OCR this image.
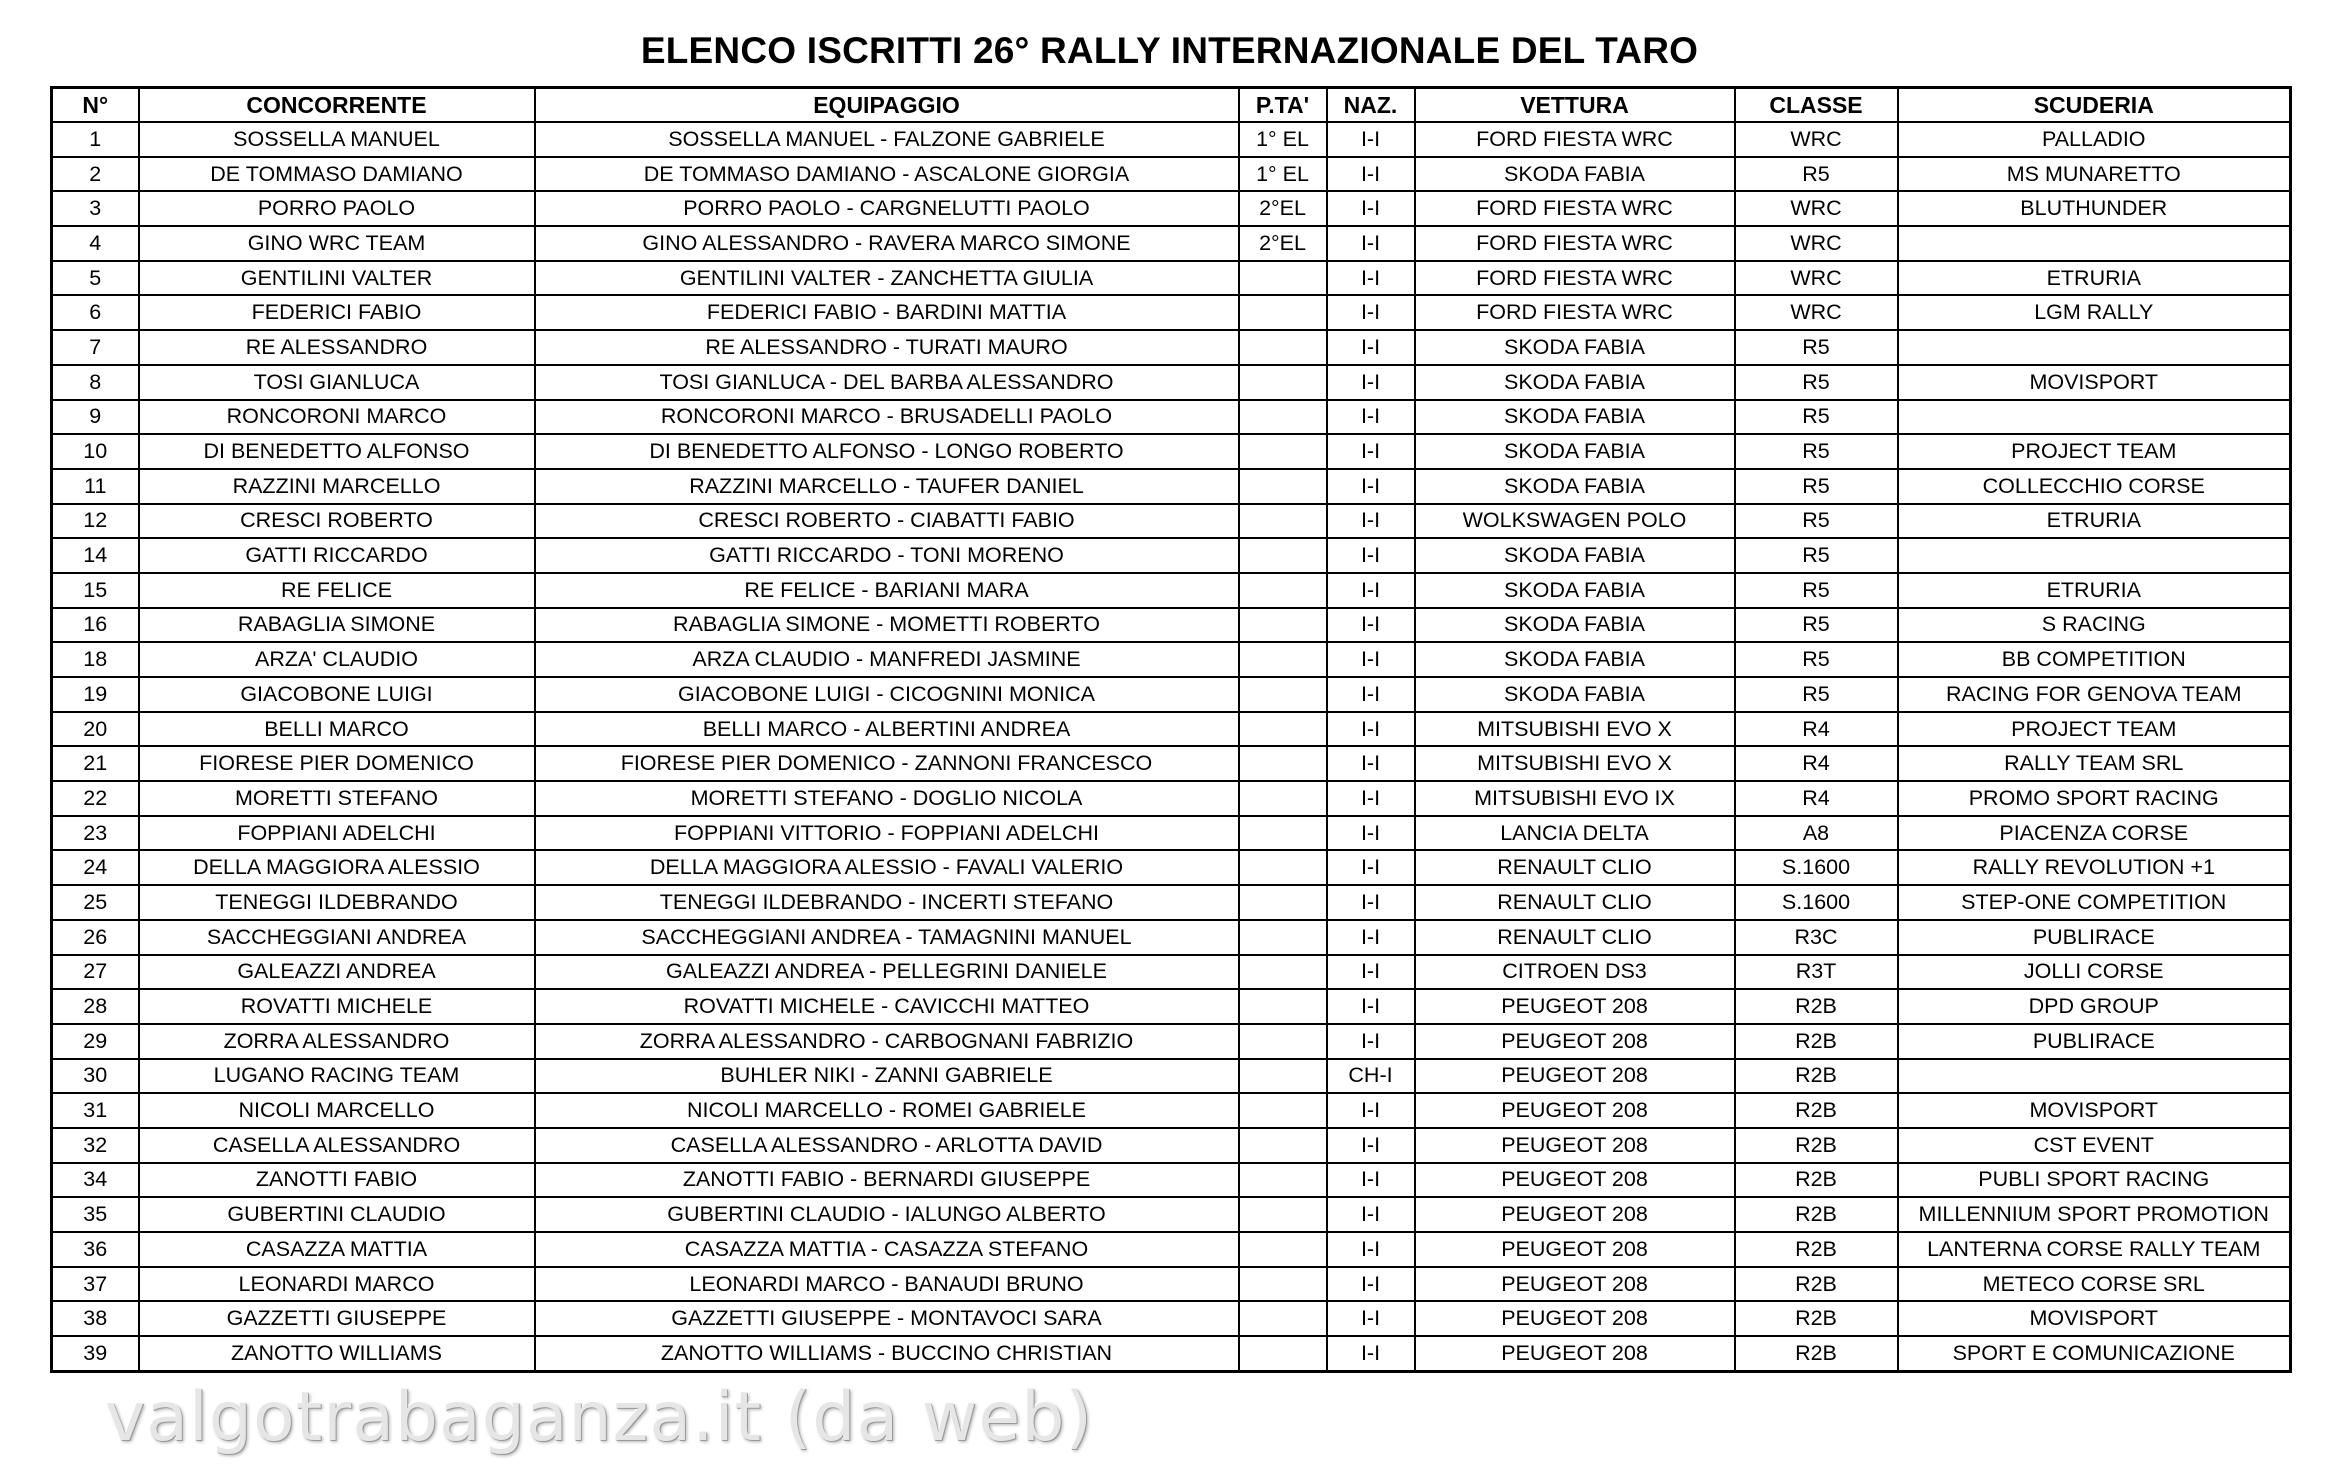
ELENCO ISCRITTI 26° RALLY INTERNAZIONALE DEL TARO
N°	CONCORRENTE	EQUIPAGGIO	P.TA'	NAZ.	VETTURA	CLASSE	SCUDERIA
1	SOSSELLA MANUEL	SOSSELLA MANUEL - FALZONE GABRIELE	1° EL	I-I	FORD FIESTA WRC	WRC	PALLADIO
2	DE TOMMASO DAMIANO	DE TOMMASO DAMIANO - ASCALONE GIORGIA	1° EL	I-I	SKODA FABIA	R5	MS MUNARETTO
3	PORRO PAOLO	PORRO PAOLO - CARGNELUTTI PAOLO	2°EL	I-I	FORD FIESTA WRC	WRC	BLUTHUNDER
4	GINO WRC TEAM	GINO ALESSANDRO - RAVERA MARCO SIMONE	2°EL	I-I	FORD FIESTA WRC	WRC	
5	GENTILINI VALTER	GENTILINI VALTER - ZANCHETTA GIULIA		I-I	FORD FIESTA WRC	WRC	ETRURIA
6	FEDERICI FABIO	FEDERICI FABIO - BARDINI MATTIA		I-I	FORD FIESTA WRC	WRC	LGM RALLY
7	RE ALESSANDRO	RE ALESSANDRO - TURATI MAURO		I-I	SKODA FABIA	R5	
8	TOSI GIANLUCA	TOSI GIANLUCA - DEL BARBA ALESSANDRO		I-I	SKODA FABIA	R5	MOVISPORT
9	RONCORONI MARCO	RONCORONI MARCO - BRUSADELLI PAOLO		I-I	SKODA FABIA	R5	
10	DI BENEDETTO ALFONSO	DI BENEDETTO ALFONSO - LONGO ROBERTO		I-I	SKODA FABIA	R5	PROJECT TEAM
11	RAZZINI MARCELLO	RAZZINI MARCELLO - TAUFER DANIEL		I-I	SKODA FABIA	R5	COLLECCHIO CORSE
12	CRESCI ROBERTO	CRESCI ROBERTO - CIABATTI FABIO		I-I	WOLKSWAGEN POLO	R5	ETRURIA
14	GATTI RICCARDO	GATTI RICCARDO - TONI MORENO		I-I	SKODA FABIA	R5	
15	RE FELICE	RE FELICE - BARIANI MARA		I-I	SKODA FABIA	R5	ETRURIA
16	RABAGLIA SIMONE	RABAGLIA SIMONE - MOMETTI ROBERTO		I-I	SKODA FABIA	R5	S RACING
18	ARZA' CLAUDIO	ARZA CLAUDIO - MANFREDI JASMINE		I-I	SKODA FABIA	R5	BB COMPETITION
19	GIACOBONE LUIGI	GIACOBONE LUIGI - CICOGNINI MONICA		I-I	SKODA FABIA	R5	RACING FOR GENOVA TEAM
20	BELLI MARCO	BELLI MARCO - ALBERTINI ANDREA		I-I	MITSUBISHI EVO X	R4	PROJECT TEAM
21	FIORESE PIER DOMENICO	FIORESE PIER DOMENICO - ZANNONI FRANCESCO		I-I	MITSUBISHI EVO X	R4	RALLY TEAM SRL
22	MORETTI STEFANO	MORETTI STEFANO - DOGLIO NICOLA		I-I	MITSUBISHI EVO IX	R4	PROMO SPORT RACING
23	FOPPIANI ADELCHI	FOPPIANI VITTORIO - FOPPIANI ADELCHI		I-I	LANCIA DELTA	A8	PIACENZA CORSE
24	DELLA MAGGIORA ALESSIO	DELLA MAGGIORA ALESSIO - FAVALI VALERIO		I-I	RENAULT CLIO	S.1600	RALLY REVOLUTION +1
25	TENEGGI ILDEBRANDO	TENEGGI ILDEBRANDO - INCERTI STEFANO		I-I	RENAULT CLIO	S.1600	STEP-ONE COMPETITION
26	SACCHEGGIANI ANDREA	SACCHEGGIANI ANDREA - TAMAGNINI MANUEL		I-I	RENAULT CLIO	R3C	PUBLIRACE
27	GALEAZZI ANDREA	GALEAZZI ANDREA - PELLEGRINI DANIELE		I-I	CITROEN DS3	R3T	JOLLI CORSE
28	ROVATTI MICHELE	ROVATTI MICHELE - CAVICCHI MATTEO		I-I	PEUGEOT 208	R2B	DPD GROUP
29	ZORRA ALESSANDRO	ZORRA ALESSANDRO - CARBOGNANI FABRIZIO		I-I	PEUGEOT 208	R2B	PUBLIRACE
30	LUGANO RACING TEAM	BUHLER NIKI - ZANNI GABRIELE		CH-I	PEUGEOT 208	R2B	
31	NICOLI MARCELLO	NICOLI MARCELLO - ROMEI GABRIELE		I-I	PEUGEOT 208	R2B	MOVISPORT
32	CASELLA ALESSANDRO	CASELLA ALESSANDRO - ARLOTTA DAVID		I-I	PEUGEOT 208	R2B	CST EVENT
34	ZANOTTI FABIO	ZANOTTI FABIO - BERNARDI GIUSEPPE		I-I	PEUGEOT 208	R2B	PUBLI SPORT RACING
35	GUBERTINI CLAUDIO	GUBERTINI CLAUDIO - IALUNGO ALBERTO		I-I	PEUGEOT 208	R2B	MILLENNIUM SPORT PROMOTION
36	CASAZZA MATTIA	CASAZZA MATTIA - CASAZZA STEFANO		I-I	PEUGEOT 208	R2B	LANTERNA CORSE RALLY TEAM
37	LEONARDI MARCO	LEONARDI MARCO - BANAUDI BRUNO		I-I	PEUGEOT 208	R2B	METECO CORSE SRL
38	GAZZETTI GIUSEPPE	GAZZETTI GIUSEPPE - MONTAVOCI SARA		I-I	PEUGEOT 208	R2B	MOVISPORT
39	ZANOTTO WILLIAMS	ZANOTTO WILLIAMS - BUCCINO CHRISTIAN		I-I	PEUGEOT 208	R2B	SPORT E COMUNICAZIONE
valgotrabaganza.it (da web)
